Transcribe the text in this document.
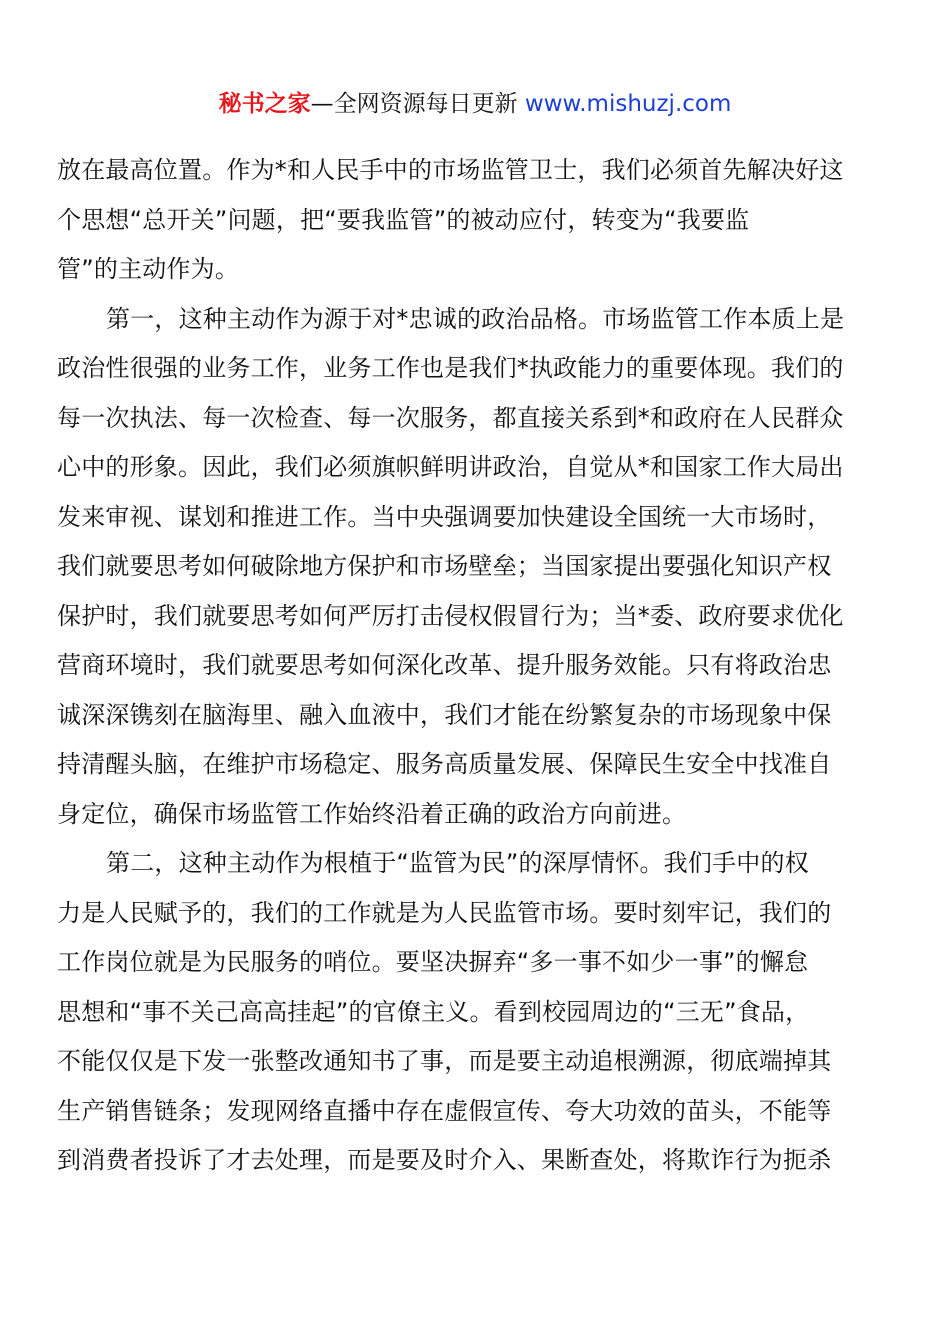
秘书之家—全网资源每日更新 www.mishuzj.com
放在最高位置。作为*和人民手中的市场监管卫士，我们必须首先解决好这
个思想“总开关”问题，把“要我监管”的被动应付，转变为“我要监
管”的主动作为。
第一，这种主动作为源于对*忠诚的政治品格。市场监管工作本质上是
政治性很强的业务工作，业务工作也是我们*执政能力的重要体现。我们的
每一次执法、每一次检查、每一次服务，都直接关系到*和政府在人民群众
心中的形象。因此，我们必须旗帜鲜明讲政治，自觉从*和国家工作大局出
发来审视、谋划和推进工作。当中央强调要加快建设全国统一大市场时，
我们就要思考如何破除地方保护和市场壁垒；当国家提出要强化知识产权
保护时，我们就要思考如何严厉打击侵权假冒行为；当*委、政府要求优化
营商环境时，我们就要思考如何深化改革、提升服务效能。只有将政治忠
诚深深镌刻在脑海里、融入血液中，我们才能在纷繁复杂的市场现象中保
持清醒头脑，在维护市场稳定、服务高质量发展、保障民生安全中找准自
身定位，确保市场监管工作始终沿着正确的政治方向前进。
第二，这种主动作为根植于“监管为民”的深厚情怀。我们手中的权
力是人民赋予的，我们的工作就是为人民监管市场。要时刻牢记，我们的
工作岗位就是为民服务的哨位。要坚决摒弃“多一事不如少一事”的懈怠
思想和“事不关己高高挂起”的官僚主义。看到校园周边的“三无”食品，
不能仅仅是下发一张整改通知书了事，而是要主动追根溯源，彻底端掉其
生产销售链条；发现网络直播中存在虚假宣传、夸大功效的苗头，不能等
到消费者投诉了才去处理，而是要及时介入、果断查处，将欺诈行为扼杀
